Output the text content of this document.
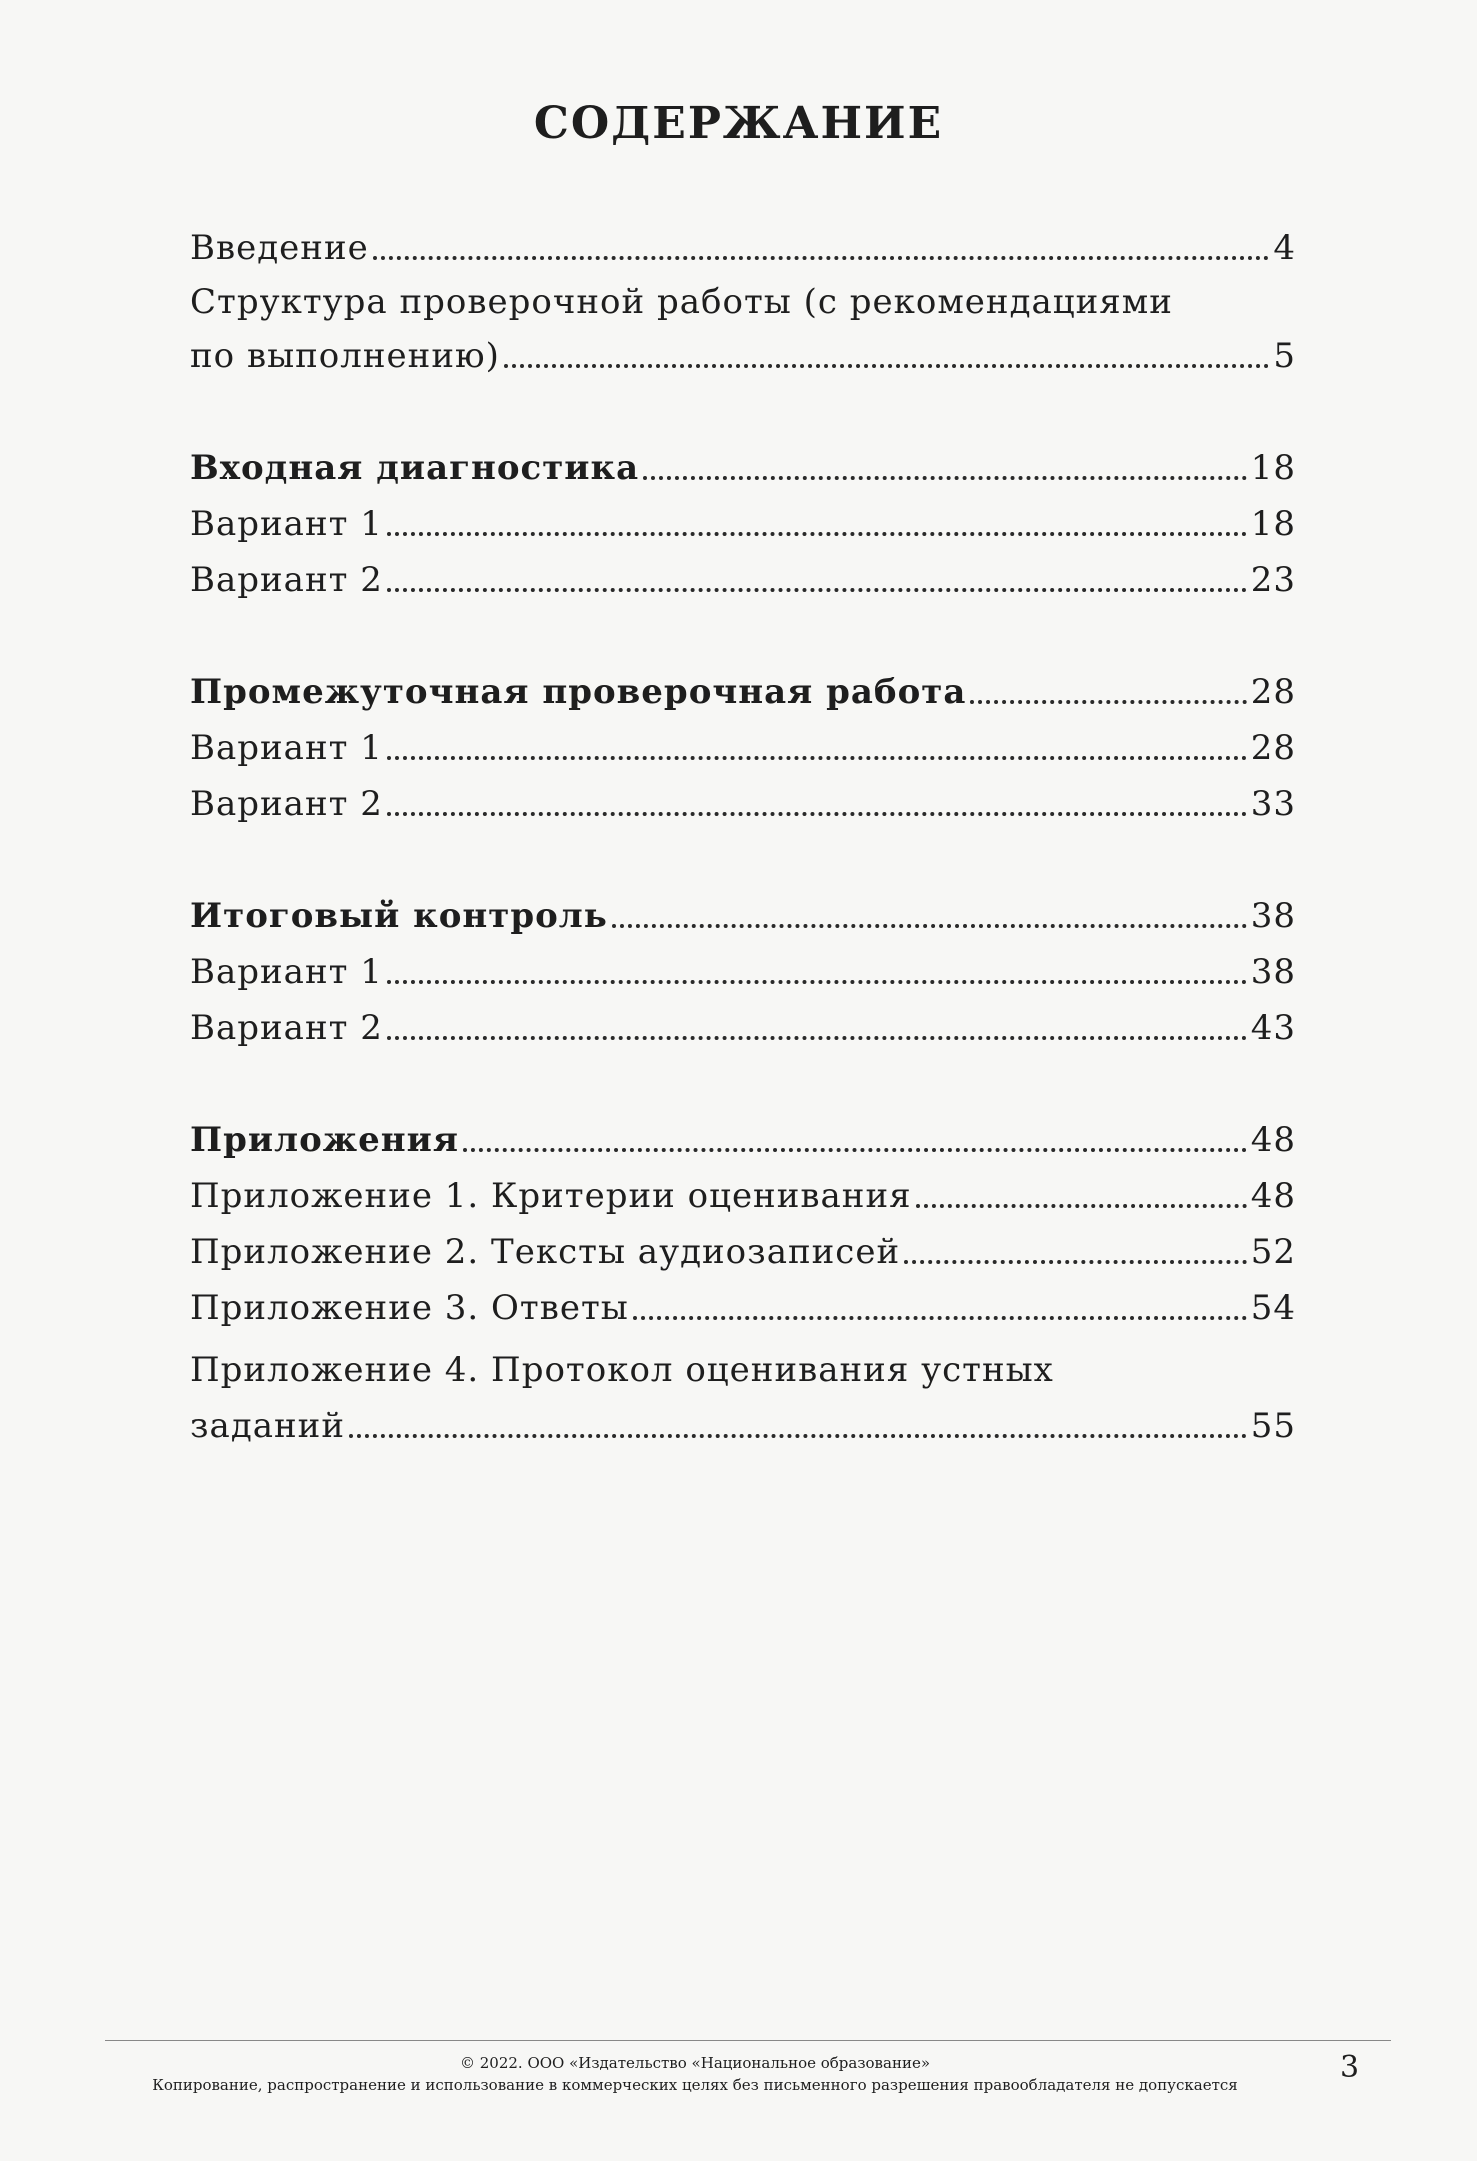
СОДЕРЖАНИЕ
Введение	4
Структура проверочной работы (с рекомендациями
по выполнению)	5
Входная диагностика	18
Вариант 1	18
Вариант 2	23
Промежуточная проверочная работа	28
Вариант 1	28
Вариант 2	33
Итоговый контроль	38
Вариант 1	38
Вариант 2	43
Приложения	48
Приложение 1. Критерии оценивания	48
Приложение 2. Тексты аудиозаписей	52
Приложение 3. Ответы	54
Приложение 4. Протокол оценивания устных
заданий	55
© 2022. ООО «Издательство «Национальное образование»
Копирование, распространение и использование в коммерческих целях без письменного разрешения правообладателя не допускается	3
